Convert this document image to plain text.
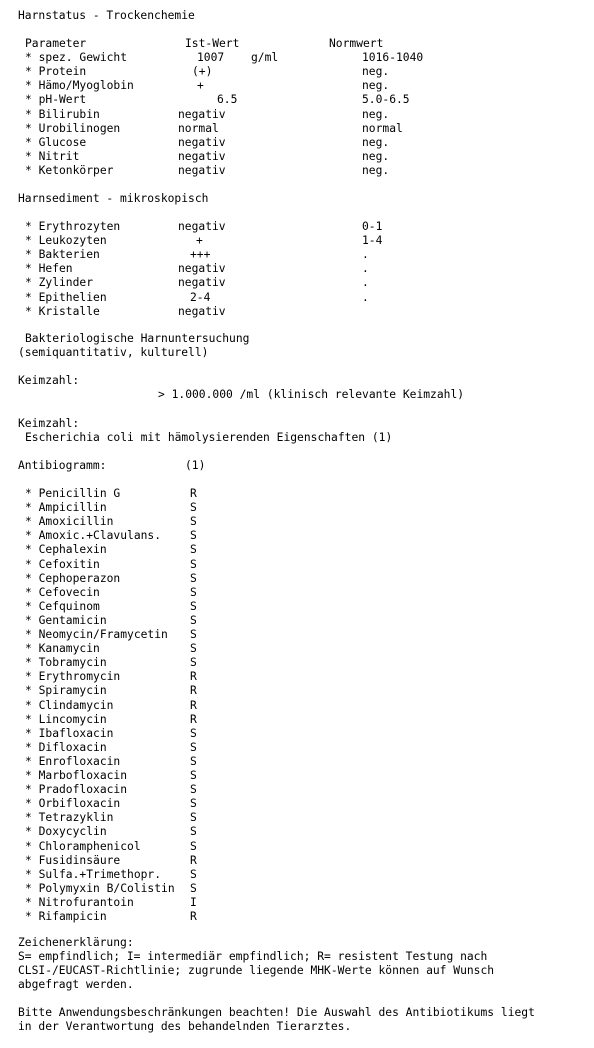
Harnstatus - Trockenchemie
Parameter	Ist-Wert	Normwert
* spez. Gewicht	1007 g/ml	1016-1040
* Protein	(+)	neg.
* Hämo/Myoglobin	+	neg.
* pH-Wert	6.5	5.0-6.5
* Bilirubin	negativ	neg.
* Urobilinogen	normal	normal
* Glucose	negativ	neg.
* Nitrit	negativ	neg.
* Ketonkörper	negativ	neg.
Harnsediment - mikroskopisch
* Erythrozyten	negativ	0-1
* Leukozyten	+	1-4
* Bakterien	+++	.
* Hefen	negativ	.
* Zylinder	negativ	.
* Epithelien	2-4	.
* Kristalle	negativ
Bakteriologische Harnuntersuchung
(semiquantitativ, kulturell)
Keimzahl:
> 1.000.000 /ml (klinisch relevante Keimzahl)
Keimzahl:
Escherichia coli mit hämolysierenden Eigenschaften (1)
Antibiogramm:	(1)
* Penicillin G	R
* Ampicillin	S
* Amoxicillin	S
* Amoxic.+Clavulans.	S
* Cephalexin	S
* Cefoxitin	S
* Cephoperazon	S
* Cefovecin	S
* Cefquinom	S
* Gentamicin	S
* Neomycin/Framycetin S
* Kanamycin	S
* Tobramycin	S
* Erythromycin	R
* Spiramycin	R
* Clindamycin	R
* Lincomycin	R
* Ibafloxacin	S
* Difloxacin	S
* Enrofloxacin	S
* Marbofloxacin	S
* Pradofloxacin	S
* Orbifloxacin	S
* Tetrazyklin	S
* Doxycyclin	S
* Chloramphenicol	S
* Fusidinsäure	R
* Sulfa.+Trimethopr.	S
* Polymyxin B/Colistin S
* Nitrofurantoin	I
* Rifampicin	R
Zeichenerklärung:
S= empfindlich; I= intermediär empfindlich; R= resistent Testung nach
CLSI-/EUCAST-Richtlinie; zugrunde liegende MHK-Werte können auf Wunsch
abgefragt werden.
Bitte Anwendungsbeschränkungen beachten! Die Auswahl des Antibiotikums liegt
in der Verantwortung des behandelnden Tierarztes.
